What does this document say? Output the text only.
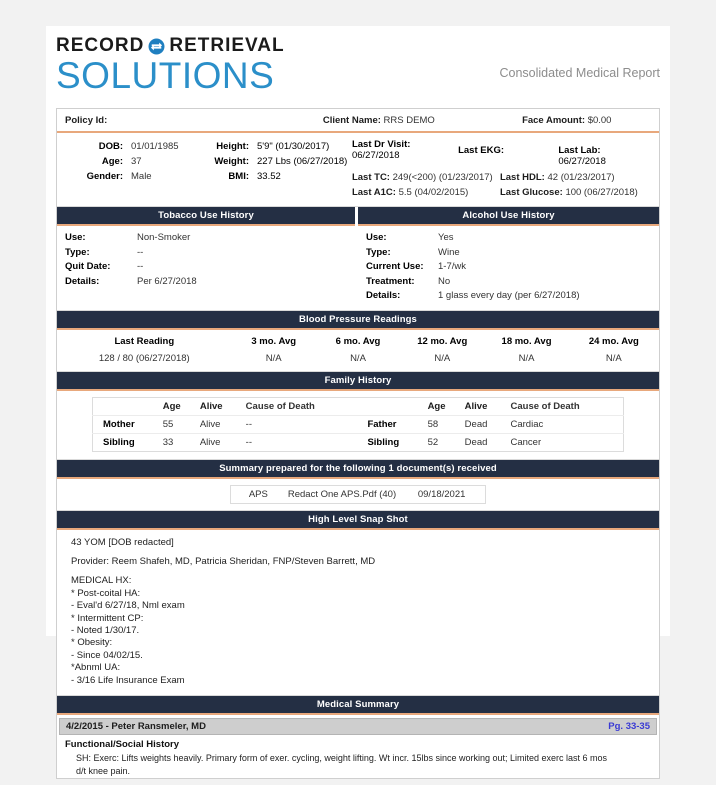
RECORD RETRIEVAL
SOLUTIONS	Consolidated Medical Report
Policy Id:	Client Name: RRS DEMO	Face Amount: $0.00
DOB: 01/01/1985	Height: 5'9" (01/30/2017)
Age: 37	Weight: 227 Lbs (06/27/2018)
Gender: Male	BMI: 33.52
Last Dr Visit:
06/27/2018	Last EKG:	Last Lab: 06/27/2018
Last TC: 249(<200) (01/23/2017) Last HDL: 42 (01/23/2017)
Last A1C: 5.5 (04/02/2015)	Last Glucose: 100 (06/27/2018)
Tobacco Use History
Use:	Non-Smoker
Type:	--
Quit Date:	--
Details:	Per 6/27/2018
Alcohol Use History
Use:	Yes
Type:	Wine
Current Use:	1-7/wk
Treatment:	No
Details:	1 glass every day (per 6/27/2018)
Blood Pressure Readings
Last Reading	3 mo. Avg	6 mo. Avg	12 mo. Avg	18 mo. Avg	24 mo. Avg
128 / 80 (06/27/2018)	N/A	N/A	N/A	N/A	N/A
Family History
	Age	Alive	Cause of Death		Age	Alive	Cause of Death
Mother	55	Alive	--	Father	58	Dead	Cardiac
Sibling	33	Alive	--	Sibling	52	Dead	Cancer
Summary prepared for the following 1 document(s) received
APS Redact One APS.Pdf (40) 09/18/2021
High Level Snap Shot
43 YOM [DOB redacted]
Provider: Reem Shafeh, MD, Patricia Sheridan, FNP/Steven Barrett, MD
MEDICAL HX:
* Post-coital HA:
- Eval'd 6/27/18, Nml exam
* Intermittent CP:
- Noted 1/30/17.
* Obesity:
- Since 04/02/15.
*Abnml UA:
- 3/16 Life Insurance Exam
Medical Summary
4/2/2015 - Peter Ransmeler, MD	Pg. 33-35
Functional/Social History
SH: Exerc: Lifts weights heavily. Primary form of exer. cycling, weight lifting. Wt incr. 15lbs since working out; Limited exerc last 6 mos
d/t knee pain.
